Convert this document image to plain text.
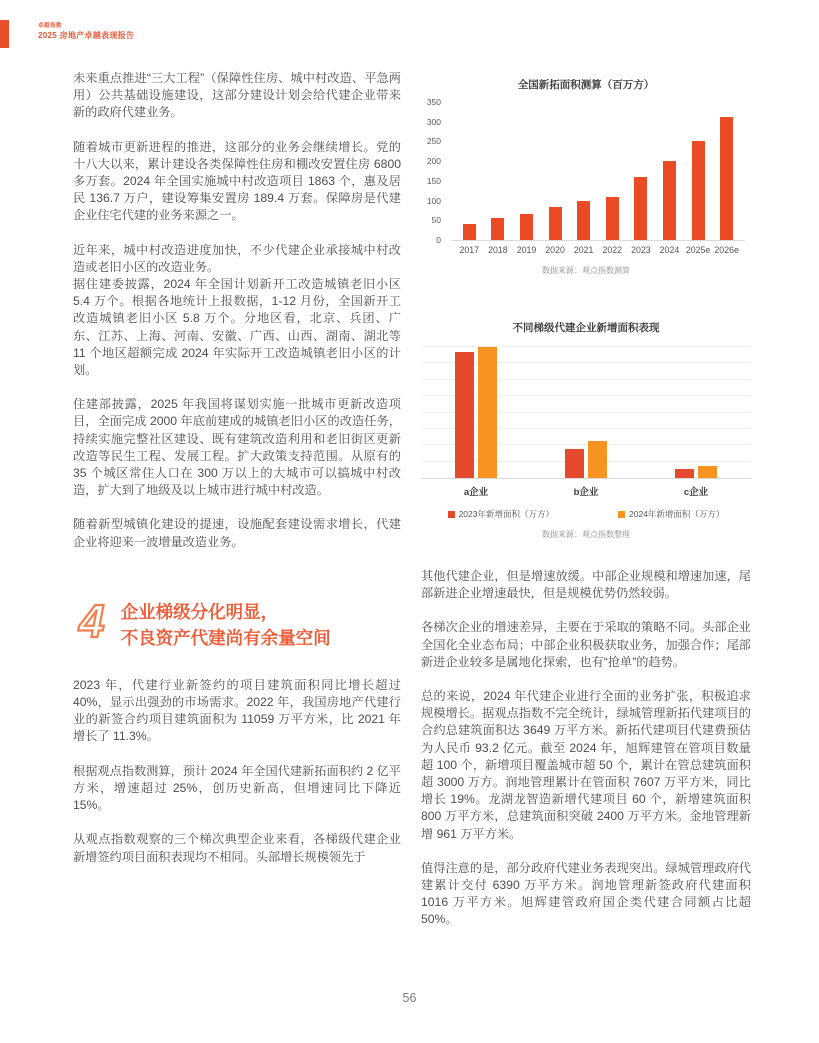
卓越指数
2025 房地产卓越表现报告

未来重点推进“三大工程”（保障性住房、城中村改造、平急两用）公共基础设施建设，这部分建设计划会给代建企业带来新的政府代建业务。

随着城市更新进程的推进，这部分的业务会继续增长。党的十八大以来，累计建设各类保障性住房和棚改安置住房 6800 多万套。2024 年全国实施城中村改造项目 1863 个，惠及居民 136.7 万户，建设筹集安置房 189.4 万套。保障房是代建企业住宅代建的业务来源之一。

近年来，城中村改造进度加快，不少代建企业承接城中村改造或老旧小区的改造业务。

据住建委披露，2024 年全国计划新开工改造城镇老旧小区 5.4 万个。根据各地统计上报数据，1-12 月份，全国新开工改造城镇老旧小区 5.8 万个。分地区看，北京、兵团、广东、江苏、上海、河南、安徽、广西、山西、湖南、湖北等 11 个地区超额完成 2024 年实际开工改造城镇老旧小区的计划。

住建部披露，2025 年我国将谋划实施一批城市更新改造项目，全面完成 2000 年底前建成的城镇老旧小区的改造任务，持续实施完整社区建设、既有建筑改造利用和老旧街区更新改造等民生工程、发展工程。扩大政策支持范围。从原有的 35 个城区常住人口在 300 万以上的大城市可以搞城中村改造，扩大到了地级及以上城市进行城中村改造。

随着新型城镇化建设的提速，设施配套建设需求增长，代建企业将迎来一波增量改造业务。

4 企业梯级分化明显，
不良资产代建尚有余量空间

2023 年，代建行业新签约的项目建筑面积同比增长超过 40%，显示出强劲的市场需求。2022 年，我国房地产代建行业的新签合约项目建筑面积为 11059 万平方米，比 2021 年增长了 11.3%。

根据观点指数测算，预计 2024 年全国代建新拓面积约 2 亿平方米，增速超过 25%，创历史新高，但增速同比下降近 15%。

从观点指数观察的三个梯次典型企业来看，各梯级代建企业新增签约项目面积表现均不相同。头部增长规模领先于

全国新拓面积测算（百万方）
0
50
100
150
200
250
300
350
2017	2018	2019	2020	2021	2022	2023	2024 2025e 2026e
数据来源：观点指数测算
不同梯级代建企业新增面积表现
a企业	b企业	c企业
2023年新增面积（万方）	2024年新增面积（万方）
数据来源：观点指数整理

其他代建企业，但是增速放缓。中部企业规模和增速加速，尾部新进企业增速最快，但是规模优势仍然较弱。

各梯次企业的增速差异，主要在于采取的策略不同。头部企业全国化全业态布局；中部企业积极获取业务，加强合作；尾部新进企业较多是属地化探索，也有“抢单”的趋势。

总的来说，2024 年代建企业进行全面的业务扩张，积极追求规模增长。据观点指数不完全统计，绿城管理新拓代建项目的合约总建筑面积达 3649 万平方米。新拓代建项目代建费预估为人民币 93.2 亿元。截至 2024 年，旭辉建管在管项目数量超 100 个，新增项目覆盖城市超 50 个，累计在管总建筑面积超 3000 万方。润地管理累计在管面积 7607 万平方米，同比增长 19%。龙湖龙智造新增代建项目 60 个，新增建筑面积 800 万平方米，总建筑面积突破 2400 万平方米。金地管理新增 961 万平方米。

值得注意的是，部分政府代建业务表现突出。绿城管理政府代建累计交付 6390 万平方米。润地管理新签政府代建面积 1016 万平方米。旭辉建管政府国企类代建合同额占比超 50%。

56
